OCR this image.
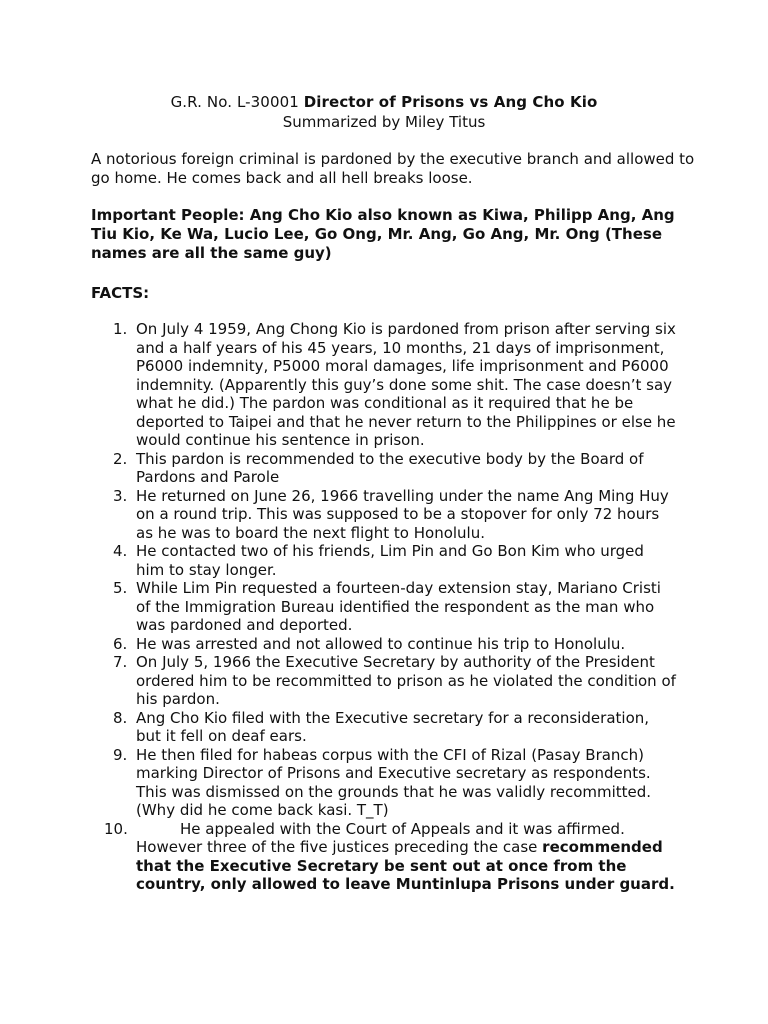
G.R. No. L-30001 Director of Prisons vs Ang Cho Kio
Summarized by Miley Titus
A notorious foreign criminal is pardoned by the executive branch and allowed to go home. He comes back and all hell breaks loose.
Important People: Ang Cho Kio also known as Kiwa, Philipp Ang, Ang Tiu Kio, Ke Wa, Lucio Lee, Go Ong, Mr. Ang, Go Ang, Mr. Ong (These names are all the same guy)
FACTS:
1. On July 4 1959, Ang Chong Kio is pardoned from prison after serving six and a half years of his 45 years, 10 months, 21 days of imprisonment, P6000 indemnity, P5000 moral damages, life imprisonment and P6000 indemnity. (Apparently this guy’s done some shit. The case doesn’t say what he did.) The pardon was conditional as it required that he be deported to Taipei and that he never return to the Philippines or else he would continue his sentence in prison.
2. This pardon is recommended to the executive body by the Board of Pardons and Parole
3. He returned on June 26, 1966 travelling under the name Ang Ming Huy on a round trip. This was supposed to be a stopover for only 72 hours as he was to board the next flight to Honolulu.
4. He contacted two of his friends, Lim Pin and Go Bon Kim who urged him to stay longer.
5. While Lim Pin requested a fourteen-day extension stay, Mariano Cristi of the Immigration Bureau identified the respondent as the man who was pardoned and deported.
6. He was arrested and not allowed to continue his trip to Honolulu.
7. On July 5, 1966 the Executive Secretary by authority of the President ordered him to be recommitted to prison as he violated the condition of his pardon.
8. Ang Cho Kio filed with the Executive secretary for a reconsideration, but it fell on deaf ears.
9. He then filed for habeas corpus with the CFI of Rizal (Pasay Branch) marking Director of Prisons and Executive secretary as respondents. This was dismissed on the grounds that he was validly recommitted. (Why did he come back kasi. T_T)
10.	He appealed with the Court of Appeals and it was affirmed. However three of the five justices preceding the case recommended that the Executive Secretary be sent out at once from the country, only allowed to leave Muntinlupa Prisons under guard.
